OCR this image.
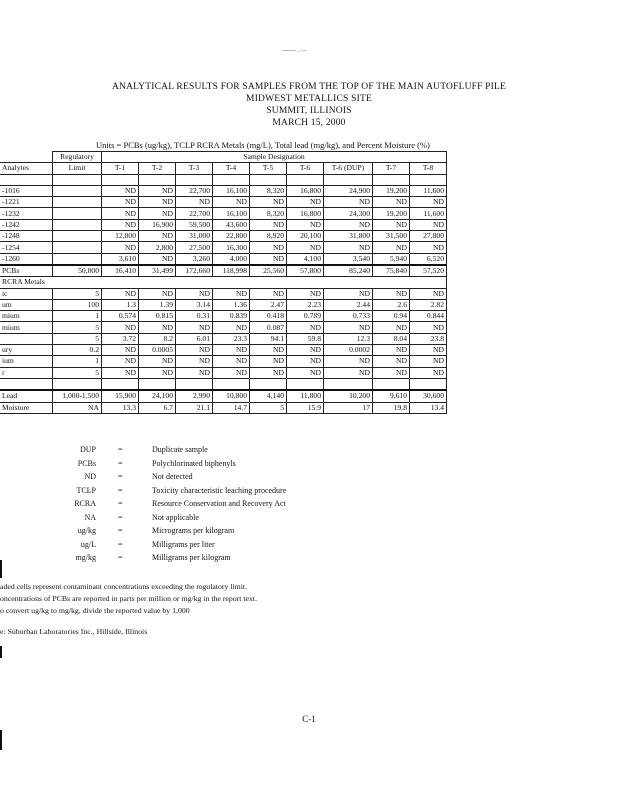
------ . --
ANALYTICAL RESULTS FOR SAMPLES FROM THE TOP OF THE MAIN AUTOFLUFF PILE
MIDWEST METALLICS SITE
SUMMIT, ILLINOIS
MARCH 15, 2000
Units = PCBs (ug/kg), TCLP RCRA Metals (mg/L), Total lead (mg/kg), and Percent Moisture (%)
	Regulatory	Sample Designation								
Analytes	Limit	T-1	T-2	T-3	T-4	T-5	T-6	T-6 (DUP)	T-7	T-8

-1016		ND	ND	22,700	16,100	8,320	16,800	24,900	19,200	11,600
-1221		ND	ND	ND	ND	ND	ND	ND	ND	ND
-1232		ND	ND	22,700	16,100	8,320	16,800	24,300	19,200	11,600
-1242		ND	16,900	59,500	43,600	ND	ND	ND	ND	ND
-1248		12,800	ND	31,000	22,800	8,920	20,100	31,800	31,500	27,800
-1254		ND	2,800	27,500	16,300	ND	ND	ND	ND	ND
-1260		3,610	ND	3,260	4,000	ND	4,100	3,540	5,940	6,520
PCBs	50,000	16,410	31,499	172,660	118,998	25,560	57,800	85,240	75,840	57,520
RCRA Metals										
ic	5	ND	ND	ND	ND	ND	ND	ND	ND	ND
um	100	1.3	1.39	3.14	1.36	2.47	2.23	2.44	2.6	2.82
mium	1	0.574	0.815	0.31	0.839	0.418	0.789	0.733	0.94	0.844
mium	5	ND	ND	ND	ND	0.087	ND	ND	ND	ND
	5	3.72	8.2	6.01	23.3	94.1	59.8	12.3	8.04	23.8
ury	0.2	ND	0.0005	ND	ND	ND	ND	0.0002	ND	ND
ium	1	ND	ND	ND	ND	ND	ND	ND	ND	ND
r	5	ND	ND	ND	ND	ND	ND	ND	ND	ND

Lead	1,000-1,500	15,900	24,100	2,990	10,800	4,140	11,800	10,200	9,610	30,600
Moisture	NA	13.3	6.7	21.1	14.7	5	15.9	17	19.8	13.4
DUP	=	Duplicate sample
PCBs	=	Polychlorinated biphenyls
ND	=	Not detected
TCLP	=	Toxicity characteristic leaching procedure
RCRA	=	Resource Conservation and Recovery Act
NA	=	Not applicable
ug/kg	=	Micrograms per kilogram
ug/L	=	Milligrams per liter
mg/kg	=	Milligrams per kilogram
aded cells represent contaminant concentrations exceeding the regulatory limit.
oncentrations of PCBs are reported in parts per million or mg/kg in the report text.
o convert ug/kg to mg/kg, divide the reported value by 1,000
e: Suburban Laboratories Inc., Hillside, Illinois
C-1
